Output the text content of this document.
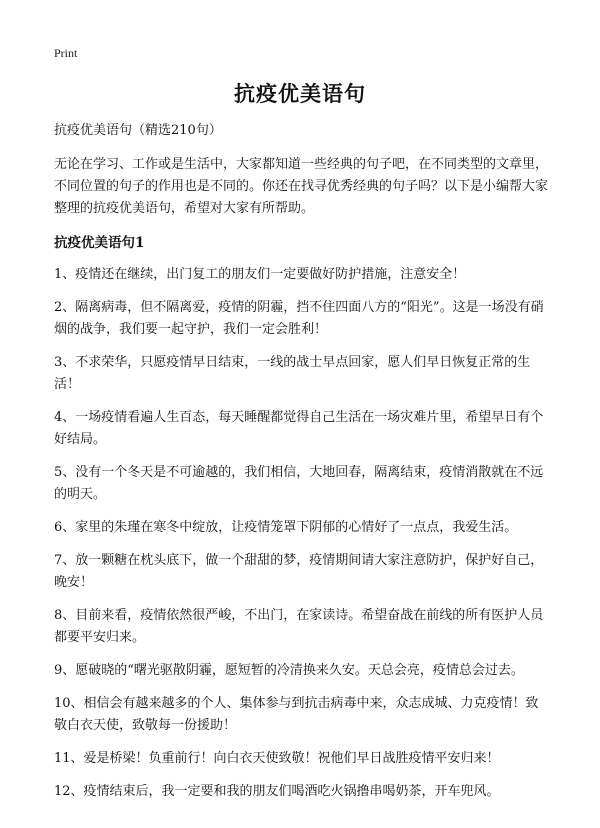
Print
抗疫优美语句

抗疫优美语句（精选210句）

无论在学习、工作或是生活中，大家都知道一些经典的句子吧，在不同类型的文章里，不同位置的句子的作用也是不同的。你还在找寻优秀经典的句子吗？以下是小编帮大家整理的抗疫优美语句，希望对大家有所帮助。

抗疫优美语句1

1、疫情还在继续，出门复工的朋友们一定要做好防护措施，注意安全！

2、隔离病毒，但不隔离爱，疫情的阴霾，挡不住四面八方的“阳光”。这是一场没有硝烟的战争，我们要一起守护，我们一定会胜利！

3、不求荣华，只愿疫情早日结束，一线的战士早点回家，愿人们早日恢复正常的生活！

4、一场疫情看遍人生百态，每天睡醒都觉得自己生活在一场灾难片里，希望早日有个好结局。

5、没有一个冬天是不可逾越的，我们相信，大地回春，隔离结束，疫情消散就在不远的明天。

6、家里的朱瑾在寒冬中绽放，让疫情笼罩下阴郁的心情好了一点点，我爱生活。

7、放一颗糖在枕头底下，做一个甜甜的梦，疫情期间请大家注意防护，保护好自己，晚安！

8、目前来看，疫情依然很严峻，不出门，在家读诗。希望奋战在前线的所有医护人员都要平安归来。

9、愿破晓的“曙光驱散阴霾，愿短暂的冷清换来久安。天总会亮，疫情总会过去。

10、相信会有越来越多的个人、集体参与到抗击病毒中来，众志成城、力克疫情！致敬白衣天使，致敬每一份援助！

11、爱是桥梁！负重前行！向白衣天使致敬！祝他们早日战胜疫情平安归来！

12、疫情结束后，我一定要和我的朋友们喝酒吃火锅撸串喝奶茶，开车兜风。
